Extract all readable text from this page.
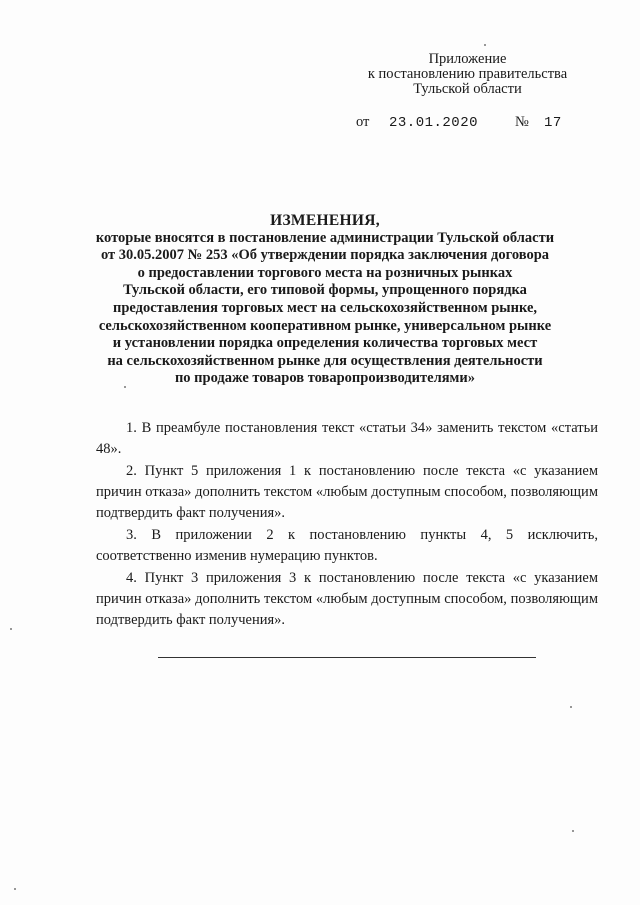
Приложение
к постановлению правительства
Тульской области
от 23.01.2020	№ 17
ИЗМЕНЕНИЯ,
которые вносятся в постановление администрации Тульской области
от 30.05.2007 № 253 «Об утверждении порядка заключения договора
о предоставлении торгового места на розничных рынках
Тульской области, его типовой формы, упрощенного порядка
предоставления торговых мест на сельскохозяйственном рынке,
сельскохозяйственном кооперативном рынке, универсальном рынке
и установлении порядка определения количества торговых мест
на сельскохозяйственном рынке для осуществления деятельности
по продаже товаров товаропроизводителями»

1. В преамбуле постановления текст «статьи 34» заменить текстом «статьи 48».

2. Пункт 5 приложения 1 к постановлению после текста «с указанием причин отказа» дополнить текстом «любым доступным способом, позволяющим подтвердить факт получения».

3. В приложении 2 к постановлению пункты 4, 5 исключить, соответственно изменив нумерацию пунктов.

4. Пункт 3 приложения 3 к постановлению после текста «с указанием причин отказа» дополнить текстом «любым доступным способом, позволяющим подтвердить факт получения».
